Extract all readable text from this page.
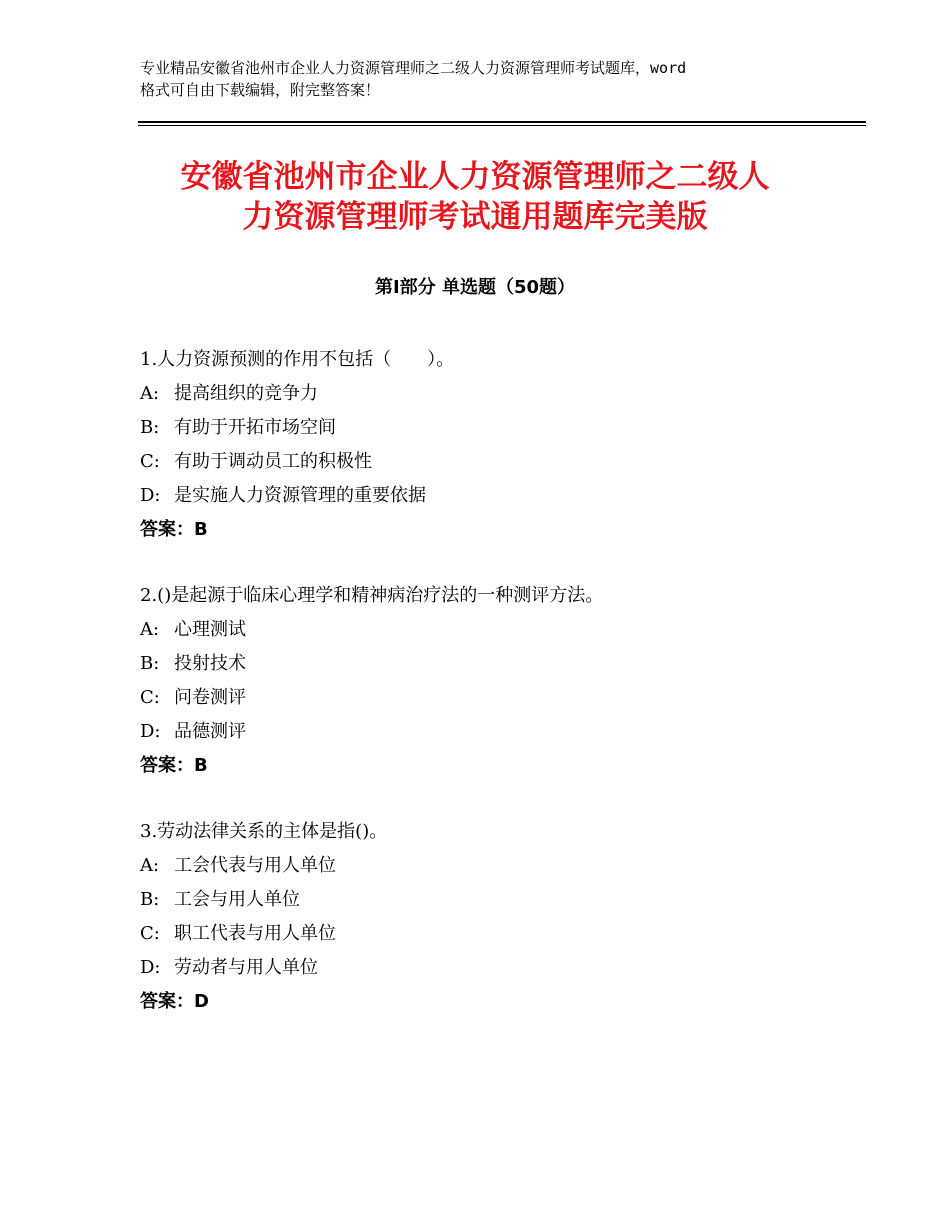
专业精品安徽省池州市企业人力资源管理师之二级人力资源管理师考试题库，word
格式可自由下载编辑，附完整答案！
安徽省池州市企业人力资源管理师之二级人
力资源管理师考试通用题库完美版
第Ⅰ部分 单选题（50题）
1.人力资源预测的作用不包括（　　）。
A: 提高组织的竞争力
B: 有助于开拓市场空间
C: 有助于调动员工的积极性
D: 是实施人力资源管理的重要依据
答案：B
2.()是起源于临床心理学和精神病治疗法的一种测评方法。
A: 心理测试
B: 投射技术
C: 问卷测评
D: 品德测评
答案：B
3.劳动法律关系的主体是指()。
A: 工会代表与用人单位
B: 工会与用人单位
C: 职工代表与用人单位
D: 劳动者与用人单位
答案：D
